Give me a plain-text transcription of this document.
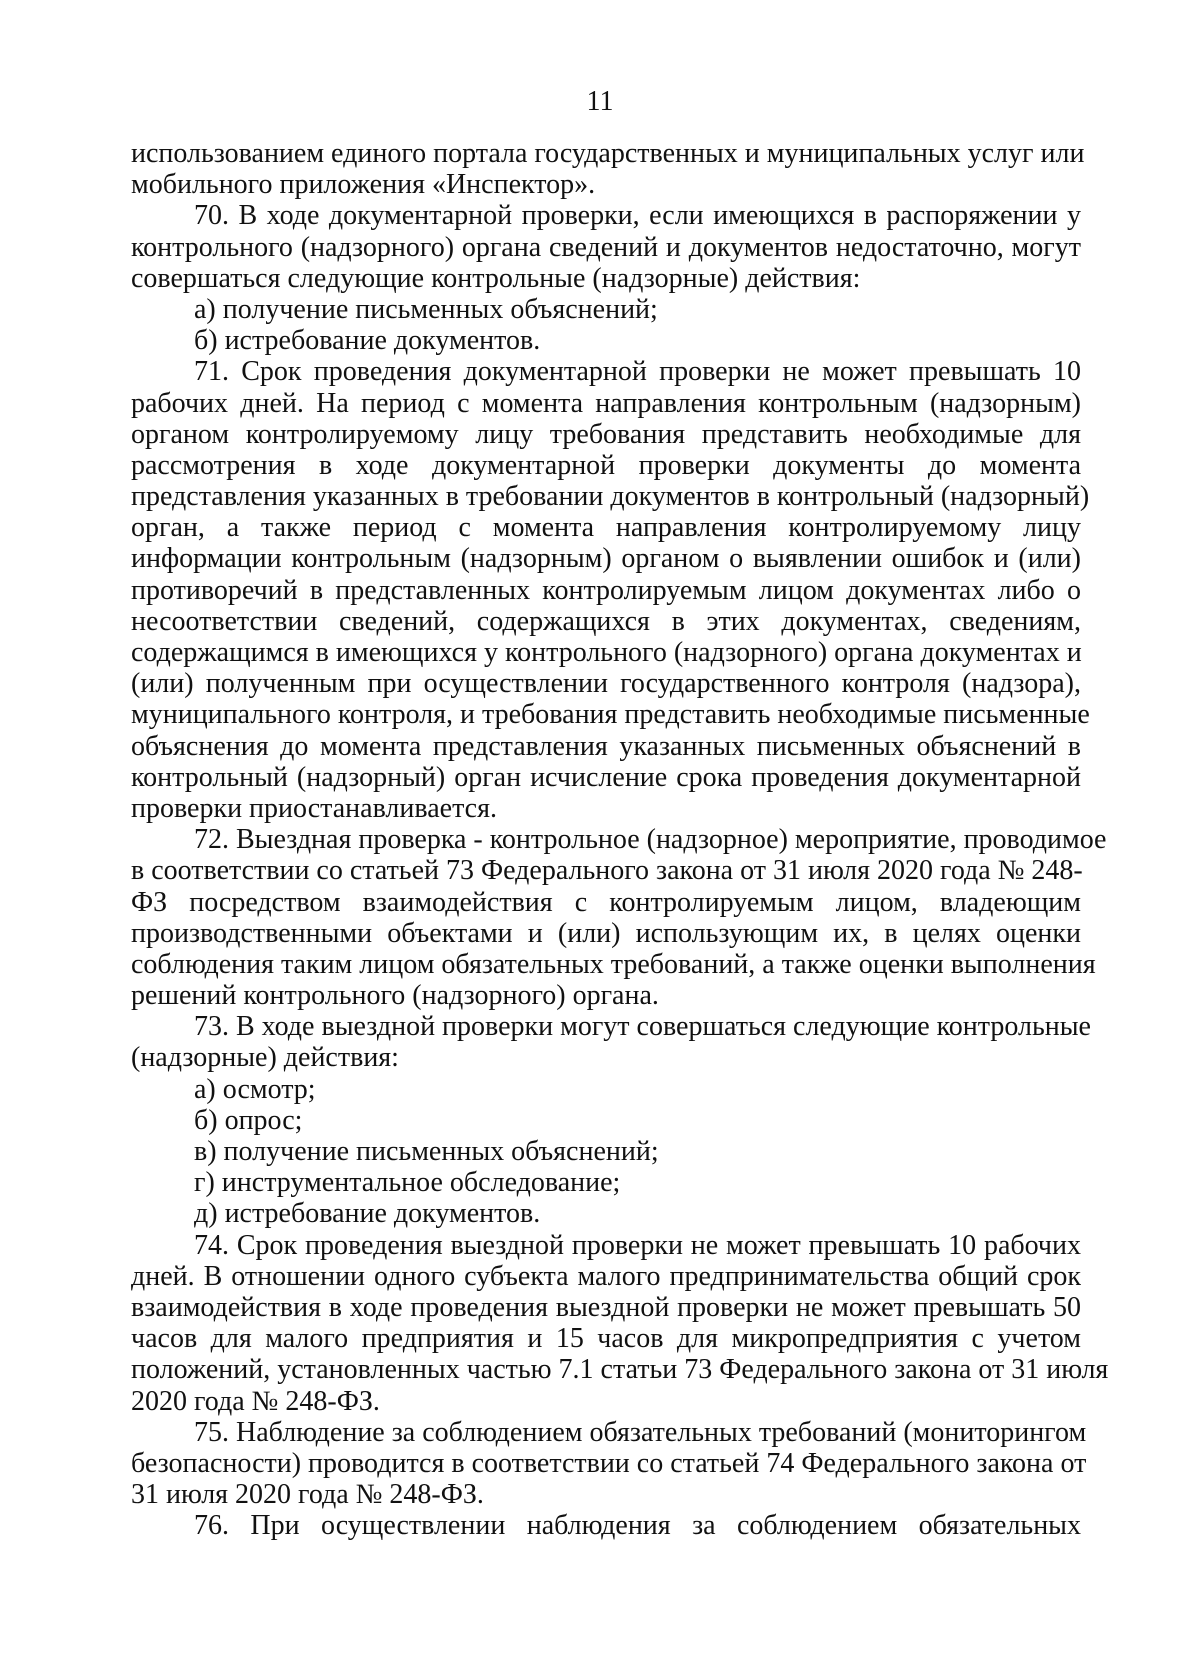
11
использованием единого портала государственных и муниципальных услуг или
мобильного приложения «Инспектор».
70. В ходе документарной проверки, если имеющихся в распоряжении у
контрольного (надзорного) органа сведений и документов недостаточно, могут
совершаться следующие контрольные (надзорные) действия:
а) получение письменных объяснений;
б) истребование документов.
71. Срок проведения документарной проверки не может превышать 10
рабочих дней. На период с момента направления контрольным (надзорным)
органом контролируемому лицу требования представить необходимые для
рассмотрения в ходе документарной проверки документы до момента
представления указанных в требовании документов в контрольный (надзорный)
орган, а также период с момента направления контролируемому лицу
информации контрольным (надзорным) органом о выявлении ошибок и (или)
противоречий в представленных контролируемым лицом документах либо о
несоответствии сведений, содержащихся в этих документах, сведениям,
содержащимся в имеющихся у контрольного (надзорного) органа документах и
(или) полученным при осуществлении государственного контроля (надзора),
муниципального контроля, и требования представить необходимые письменные
объяснения до момента представления указанных письменных объяснений в
контрольный (надзорный) орган исчисление срока проведения документарной
проверки приостанавливается.
72. Выездная проверка - контрольное (надзорное) мероприятие, проводимое
в соответствии со статьей 73 Федерального закона от 31 июля 2020 года № 248-
ФЗ посредством взаимодействия с контролируемым лицом, владеющим
производственными объектами и (или) использующим их, в целях оценки
соблюдения таким лицом обязательных требований, а также оценки выполнения
решений контрольного (надзорного) органа.
73. В ходе выездной проверки могут совершаться следующие контрольные
(надзорные) действия:
а) осмотр;
б) опрос;
в) получение письменных объяснений;
г) инструментальное обследование;
д) истребование документов.
74. Срок проведения выездной проверки не может превышать 10 рабочих
дней. В отношении одного субъекта малого предпринимательства общий срок
взаимодействия в ходе проведения выездной проверки не может превышать 50
часов для малого предприятия и 15 часов для микропредприятия с учетом
положений, установленных частью 7.1 статьи 73 Федерального закона от 31 июля
2020 года № 248-ФЗ.
75. Наблюдение за соблюдением обязательных требований (мониторингом
безопасности) проводится в соответствии со статьей 74 Федерального закона от
31 июля 2020 года № 248-ФЗ.
76. При осуществлении наблюдения за соблюдением обязательных
